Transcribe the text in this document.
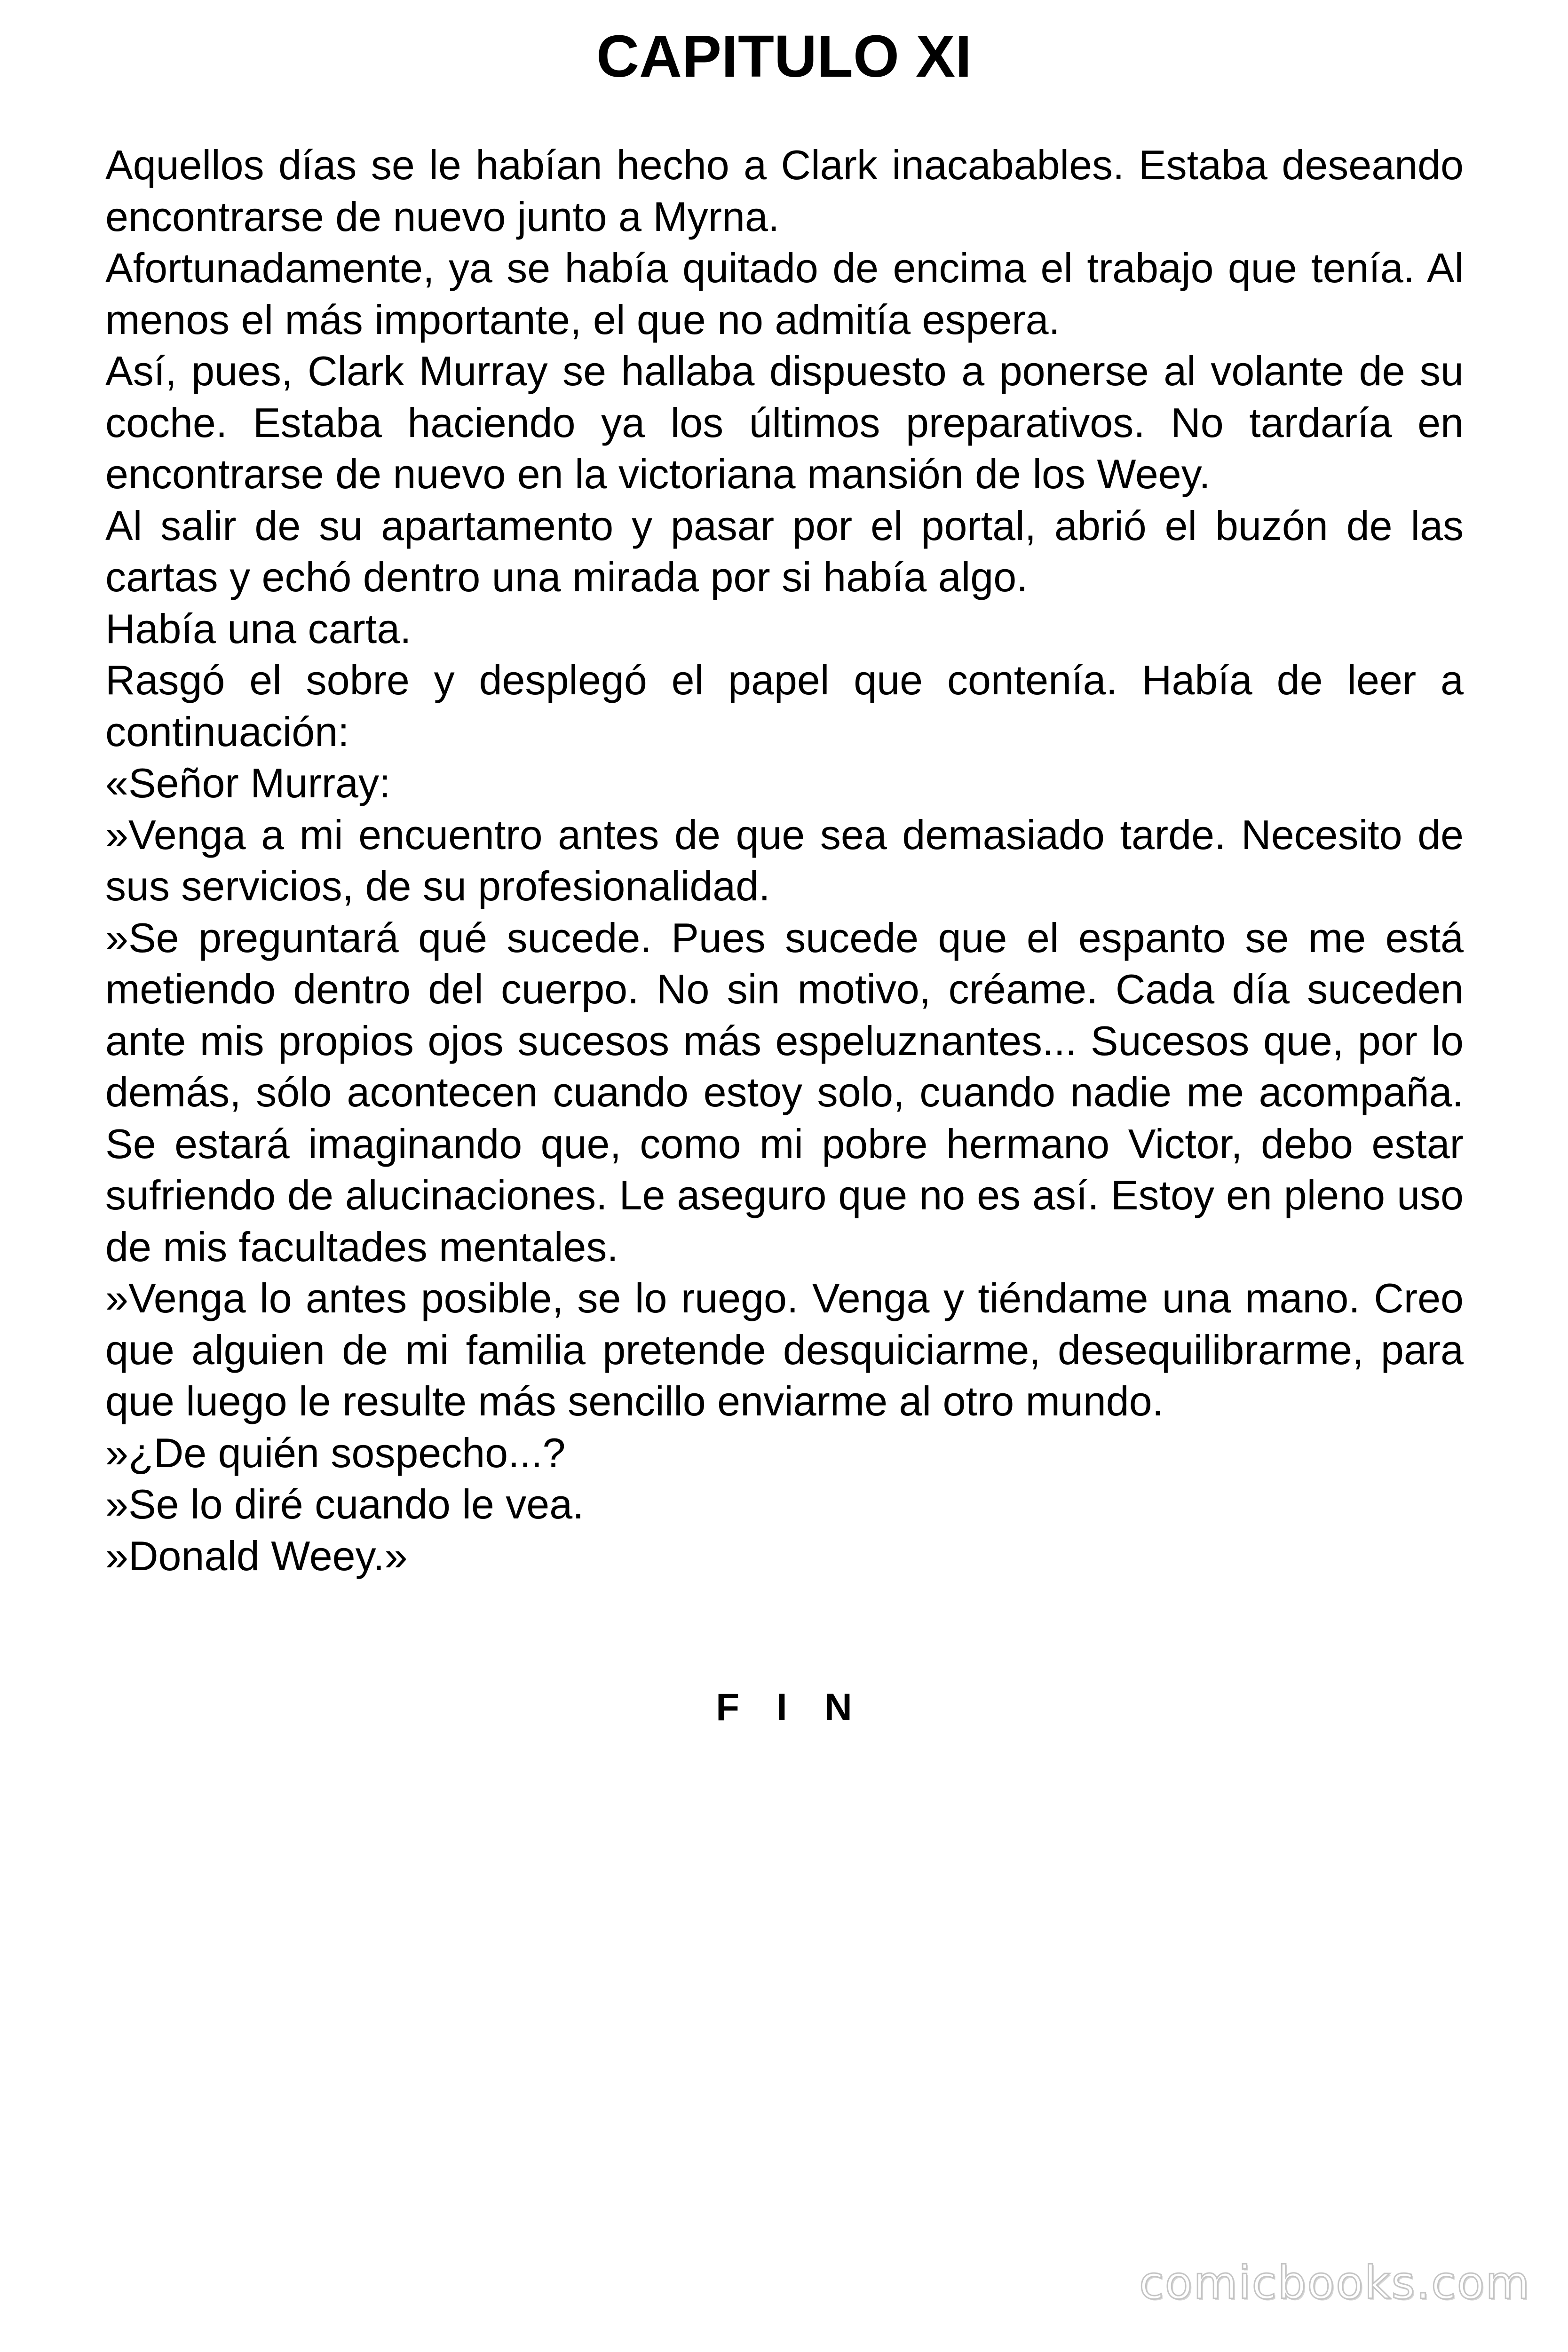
CAPITULO XI

Aquellos días se le habían hecho a Clark inacabables. Estaba deseando encontrarse de nuevo junto a Myrna.

Afortunadamente, ya se había quitado de encima el trabajo que tenía. Al menos el más importante, el que no admitía espera.

Así, pues, Clark Murray se hallaba dispuesto a ponerse al volante de su coche. Estaba haciendo ya los últimos preparativos. No tardaría en encontrarse de nuevo en la victoriana mansión de los Weey.

Al salir de su apartamento y pasar por el portal, abrió el buzón de las cartas y echó dentro una mirada por si había algo.

Había una carta.

Rasgó el sobre y desplegó el papel que contenía. Había de leer a continuación:

«Señor Murray:

»Venga a mi encuentro antes de que sea demasiado tarde. Necesito de sus servicios, de su profesionalidad.

»Se preguntará qué sucede. Pues sucede que el espanto se me está metiendo dentro del cuerpo. No sin motivo, créame. Cada día suceden ante mis propios ojos sucesos más espeluznantes... Sucesos que, por lo demás, sólo acontecen cuando estoy solo, cuando nadie me acompaña. Se estará imaginando que, como mi pobre hermano Victor, debo estar sufriendo de alucinaciones. Le aseguro que no es así. Estoy en pleno uso de mis facultades mentales.

»Venga lo antes posible, se lo ruego. Venga y tiéndame una mano. Creo que alguien de mi familia pretende desquiciarme, desequilibrarme, para que luego le resulte más sencillo enviarme al otro mundo.

»¿De quién sospecho...?

»Se lo diré cuando le vea.

»Donald Weey.»

F I N
comicbooks.com
